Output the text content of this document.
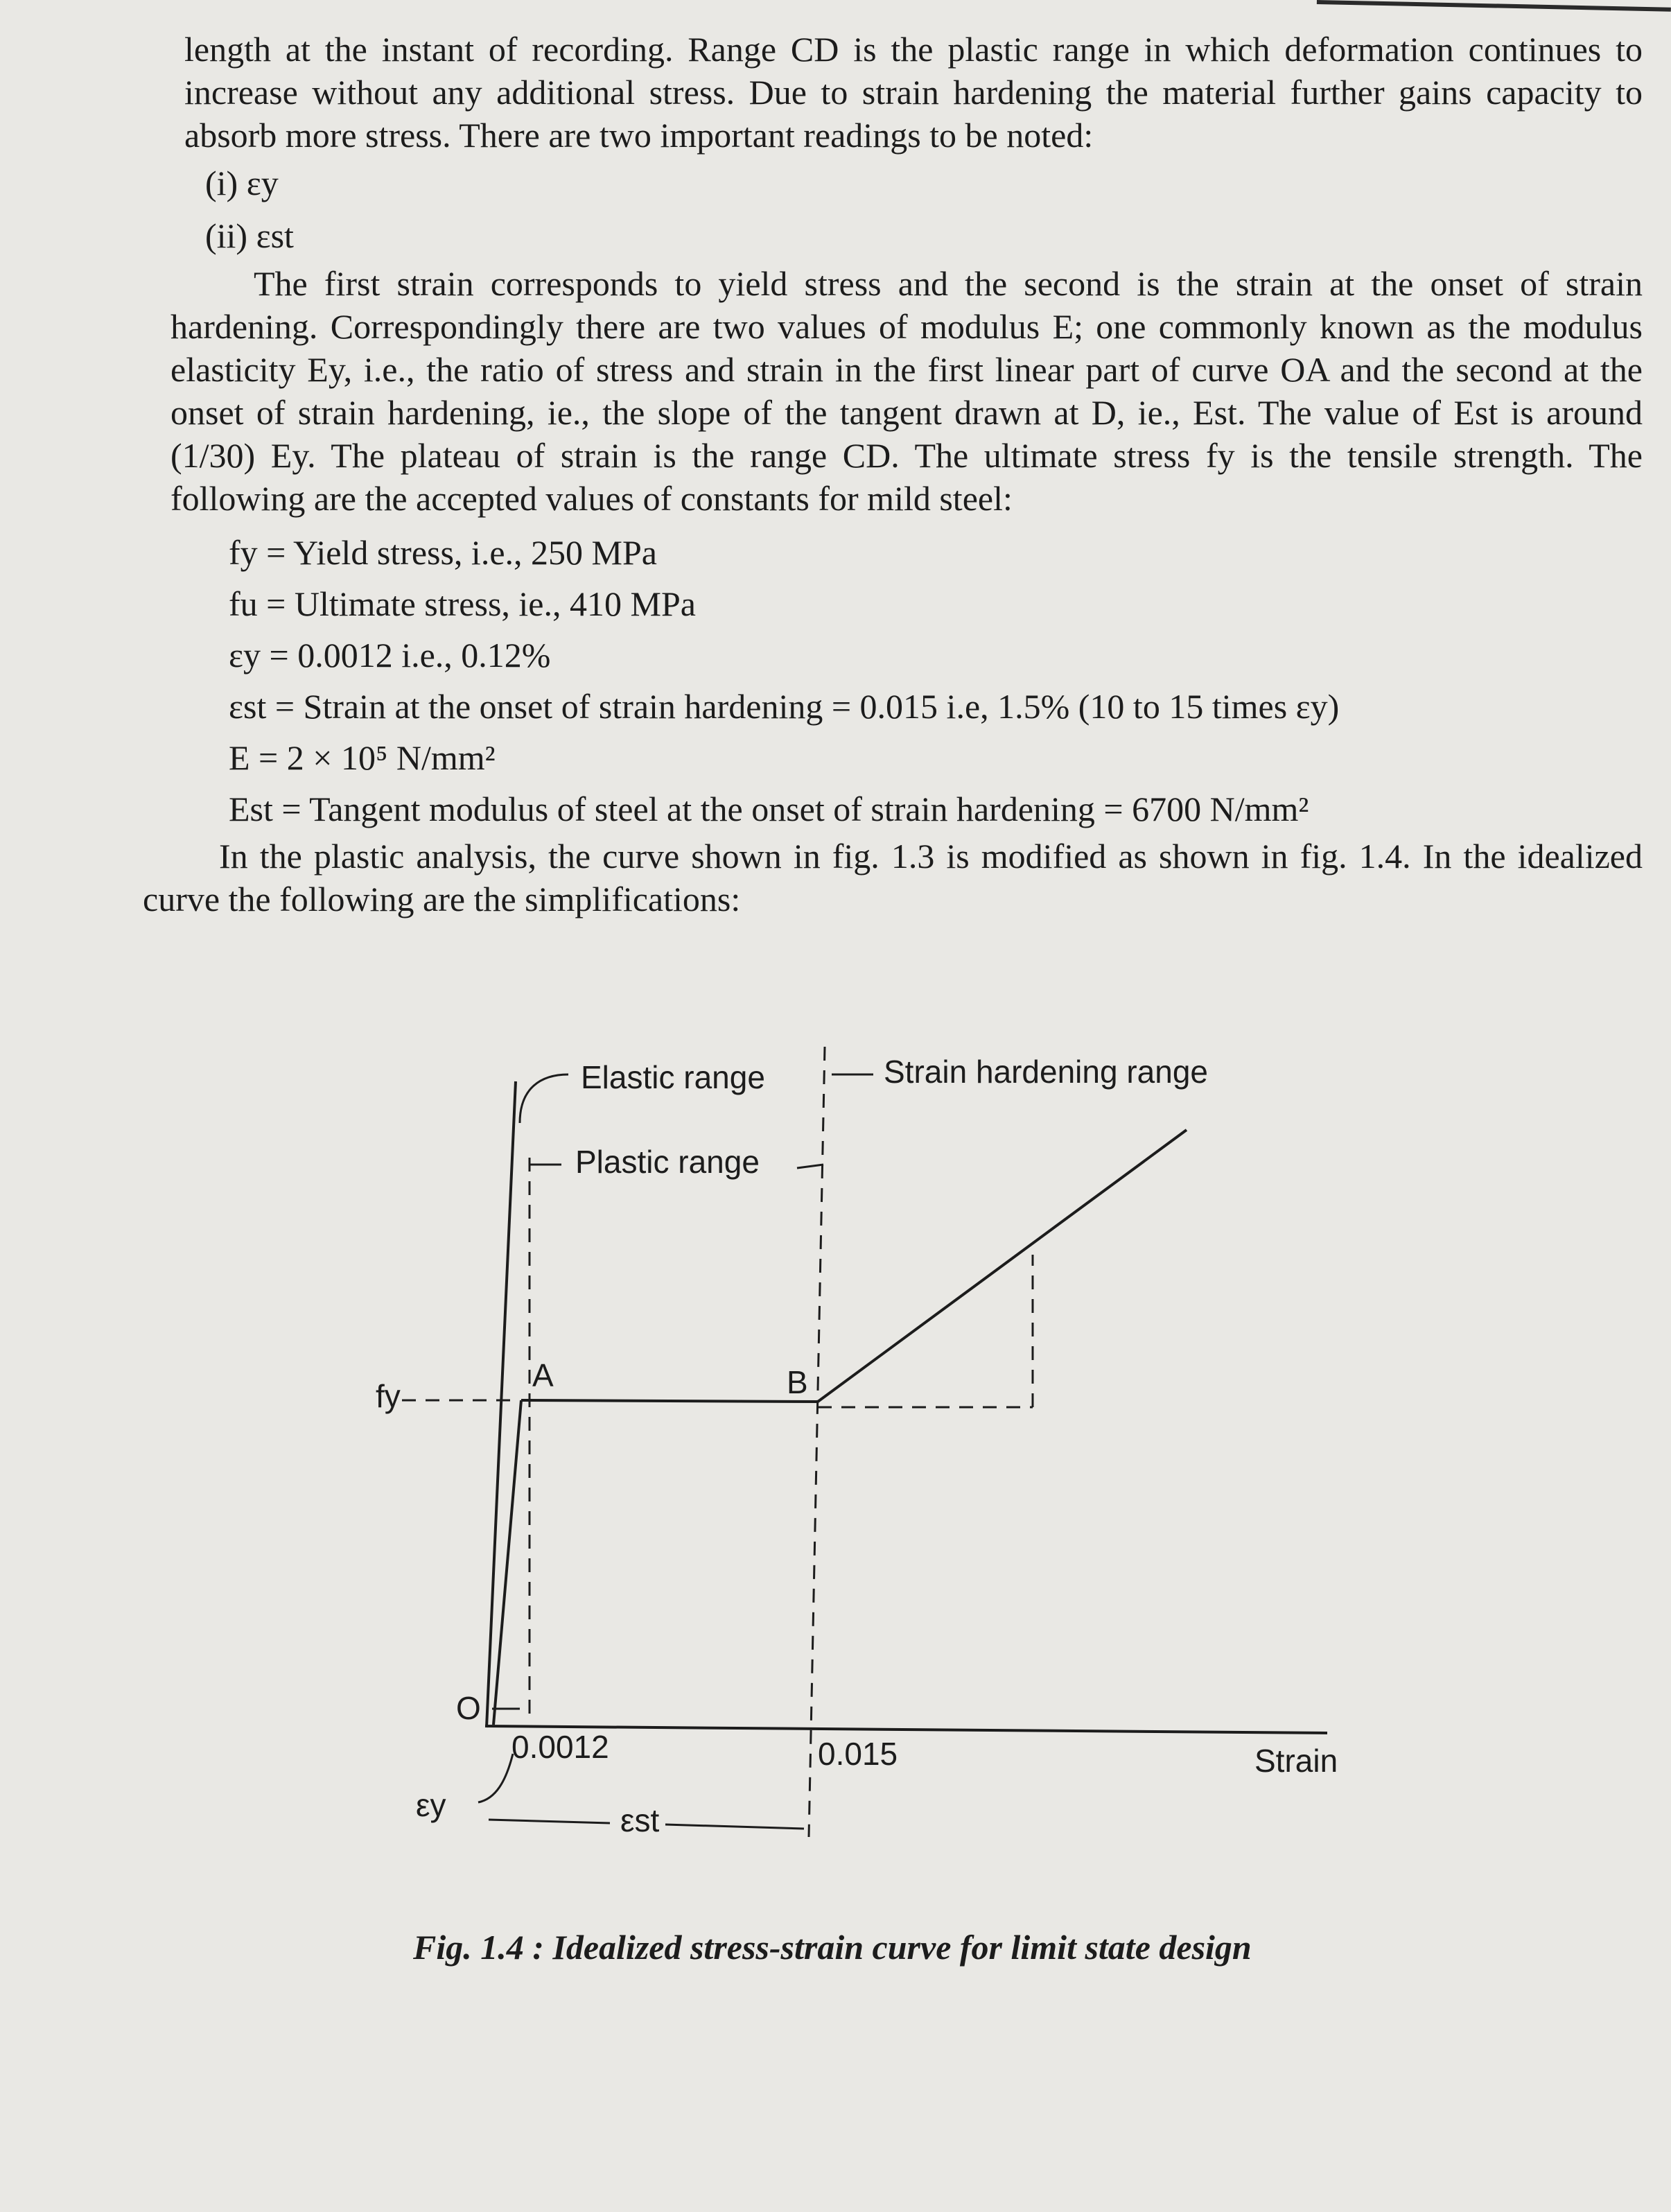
length at the instant of recording. Range CD is the plastic range in which deformation continues to increase without any additional stress. Due to strain hardening the material further gains capacity to absorb more stress. There are two important readings to be noted:

(i) εy
(ii) εst

The first strain corresponds to yield stress and the second is the strain at the onset of strain hardening. Correspondingly there are two values of modulus E; one commonly known as the modulus elasticity Ey, i.e., the ratio of stress and strain in the first linear part of curve OA and the second at the onset of strain hardening, ie., the slope of the tangent drawn at D, ie., Est. The value of Est is around (1/30) Ey. The plateau of strain is the range CD. The ultimate stress fy is the tensile strength. The following are the accepted values of constants for mild steel:

fy = Yield stress, i.e., 250 MPa
fu = Ultimate stress, ie., 410 MPa
εy = 0.0012 i.e., 0.12%
εst = Strain at the onset of strain hardening = 0.015 i.e, 1.5% (10 to 15 times εy)
E = 2 × 10⁵ N/mm²
Est = Tangent modulus of steel at the onset of strain hardening = 6700 N/mm²

In the plastic analysis, the curve shown in fig. 1.3 is modified as shown in fig. 1.4. In the idealized curve the following are the simplifications:

Elastic range
Plastic range
Strain hardening range
fy
A	B
O
0.0012	0.015	Strain
εy	εst
Fig. 1.4 : Idealized stress-strain curve for limit state design
